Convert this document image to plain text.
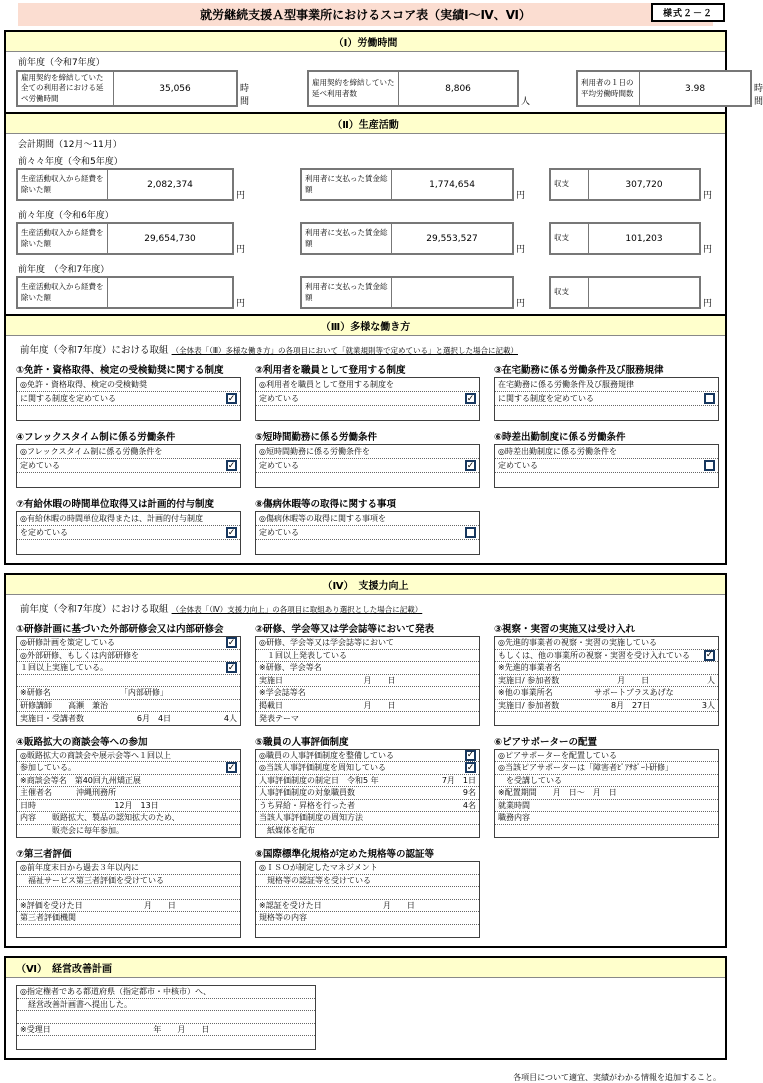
様式２－２
就労継続支援Ａ型事業所におけるスコア表（実績Ⅰ～Ⅳ、Ⅵ）
（Ⅰ）労働時間
前年度（令和7年度）
雇用契約を締結していた全ての利用者における延べ労働時間
35,056	時間
雇用契約を締結していた延べ利用者数	8,806
人
利用者の１日の平均労働時間数	3.98	時間
（Ⅱ）生産活動
会計期間（12月～11月）
前々々年度（令和5年度）
生産活動収入から経費を除いた額	2,082,374
円
利用者に支払った賃金総額	1,774,654
円
収支	307,720
円
前々年度（令和6年度）
生産活動収入から経費を除いた額	29,654,730
円
利用者に支払った賃金総額	29,553,527
円
収支	101,203
円
前年度　（令和7年度）
生産活動収入から経費を除いた額
円
利用者に支払った賃金総額
円
収支
円
（Ⅲ）多様な働き方
前年度（令和7年度）における取組 （全体表「（Ⅲ）多様な働き方」の各項目において「就業規則等で定めている」と選択した場合に記載）
①免許・資格取得、検定の受検勧奨に関する制度
◎免許・資格取得、検定の受検勧奨
に関する制度を定めている
✓
②利用者を職員として登用する制度
◎利用者を職員として登用する制度を
定めている
✓
③在宅勤務に係る労働条件及び服務規律
在宅勤務に係る労働条件及び服務規律
に関する制度を定めている
④フレックスタイム制に係る労働条件
◎フレックスタイム制に係る労働条件を
定めている
✓
⑤短時間勤務に係る労働条件
◎短時間勤務に係る労働条件を
定めている
✓
⑥時差出勤制度に係る労働条件
◎時差出勤制度に係る労働条件を
定めている
⑦有給休暇の時間単位取得又は計画的付与制度
◎有給休暇の時間単位取得または、計画的付与制度
を定めている
✓
⑧傷病休暇等の取得に関する事項
◎傷病休暇等の取得に関する事項を
定めている
（Ⅳ）　支援力向上
前年度（令和7年度）における取組 （全体表「（Ⅳ）支援力向上」の各項目に取組あり選択とした場合に記載）
①研修計画に基づいた外部研修会又は内部研修会
◎研修計画を策定している
✓
◎外部研修、もしくは内部研修を
１回以上実施している。
✓
※研修名	「内部研修」
研修講師　　高瀬　兼治
実施日・受講者数	6月　4日	4人
②研修、学会等又は学会誌等において発表
◎研修、学会等又は学会誌等において
　１回以上発表している
※研修、学会等名
実施日	月　　日
※学会誌等名
掲載日	月　　日
発表テーマ
③視察・実習の実施又は受け入れ
◎先進的事業者の視察・実習の実施している
もしくは、他の事業所の視察・実習を受け入れている
✓
※先進的事業者名
実施日/ 参加者数	月　　日	人
※他の事業所名	サポートプラスあげな
実施日/ 参加者数	8月　27日	3人
④販路拡大の商談会等への参加
◎販路拡大の商談会や展示会等へ１回以上
参加している。
✓
※商談会等名　第40回九州矯正展
主催者名　　　沖縄刑務所
日時	12月　13日
内容　　販路拡大、製品の認知拡大のため、
　　　　販売会に毎年参加。
⑤職員の人事評価制度
◎職員の人事評価制度を整備している
✓
◎当該人事評価制度を周知している
✓
人事評価制度の制定日　令和5 年	7月　1日
人事評価制度の対象職員数	9名
うち昇給・昇格を行った者	4名
当該人事評価制度の周知方法
　紙媒体を配布
⑥ピアサポーターの配置
◎ピアサポーターを配置している
◎当該ピアサポーターは「障害者ﾋﾟｱｻﾎﾟｰﾄ研修」
　を受講している
※配置期間　　月　日～　月　日
就業時間
職務内容
⑦第三者評価
◎前年度末日から過去３年以内に
　福祉サービス第三者評価を受けている
※評価を受けた日	月　　日
第三者評価機関
⑧国際標準化規格が定めた規格等の認証等
◎ＩＳＯが制定したマネジメント
　規格等の認証等を受けている
※認証を受けた日	月　　日
規格等の内容
（Ⅵ）　経営改善計画
◎指定権者である都道府県（指定都市・中核市）へ、
　経営改善計画書へ提出した。
※受理日	年　　月　　日
各項目について適宜、実績がわかる情報を追加すること。
